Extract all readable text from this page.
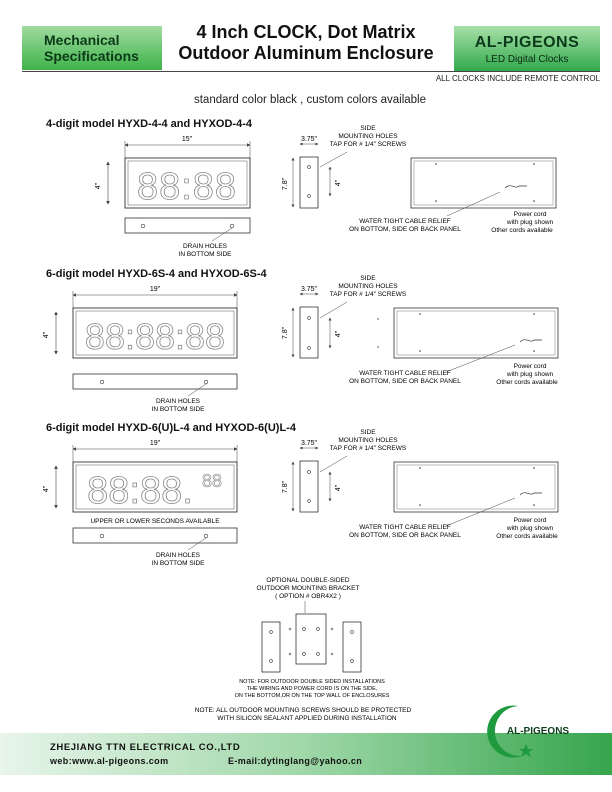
Mechanical
Specifications
4 Inch CLOCK, Dot Matrix
Outdoor Aluminum Enclosure
AL-PIGEONS
LED Digital Clocks
ALL CLOCKS INCLUDE REMOTE CONTROL
standard color black , custom colors available
4-digit model HYXD-4-4 and HYXOD-4-4
6-digit model HYXD-6S-4 and HYXOD-6S-4
6-digit model HYXD-6(U)L-4 and HYXOD-6(U)L-4
15"
88:88
4"
DRAIN HOLES
IN BOTTOM SIDE
3.75"
7.8"	4"
SIDE
MOUNTING HOLES
TAP FOR # 1/4" SCREWS
WATER TIGHT CABLE RELIEF
ON BOTTOM, SIDE OR BACK PANEL
Power cord
with plug shown
Other cords available
19"
88:88:88
4"
DRAIN HOLES
IN BOTTOM SIDE
3.75"
7.8"	4"
SIDE
MOUNTING HOLES
TAP FOR # 1/4" SCREWS
WATER TIGHT CABLE RELIEF
ON BOTTOM, SIDE OR BACK PANEL
Power cord
with plug shown
Other cords available
19"
88:88. 88
4"
UPPER OR LOWER SECONDS AVAILABLE
DRAIN HOLES
IN BOTTOM SIDE
3.75"
7.8"	4"
SIDE
MOUNTING HOLES
TAP FOR # 1/4" SCREWS
WATER TIGHT CABLE RELIEF
ON BOTTOM, SIDE OR BACK PANEL
Power cord
with plug shown
Other cords available
OPTIONAL DOUBLE-SIDED
OUTDOOR MOUNTING BRACKET
( OPTION # OBR4X2 )
NOTE: FOR OUTDOOR DOUBLE SIDED INSTALLATIONS
THE WIRING AND POWER CORD IS ON THE SIDE,
ON THE BOTTOM,OR ON THE TOP WALL OF ENCLOSURES
NOTE: ALL OUTDOOR MOUNTING SCREWS SHOULD BE PROTECTED
WITH SILICON SEALANT APPLIED DURING INSTALLATION
ZHEJIANG TTN ELECTRICAL CO.,LTD
web:www.al-pigeons.com	E-mail:dytinglang@yahoo.cn
AL-PIGEONS
